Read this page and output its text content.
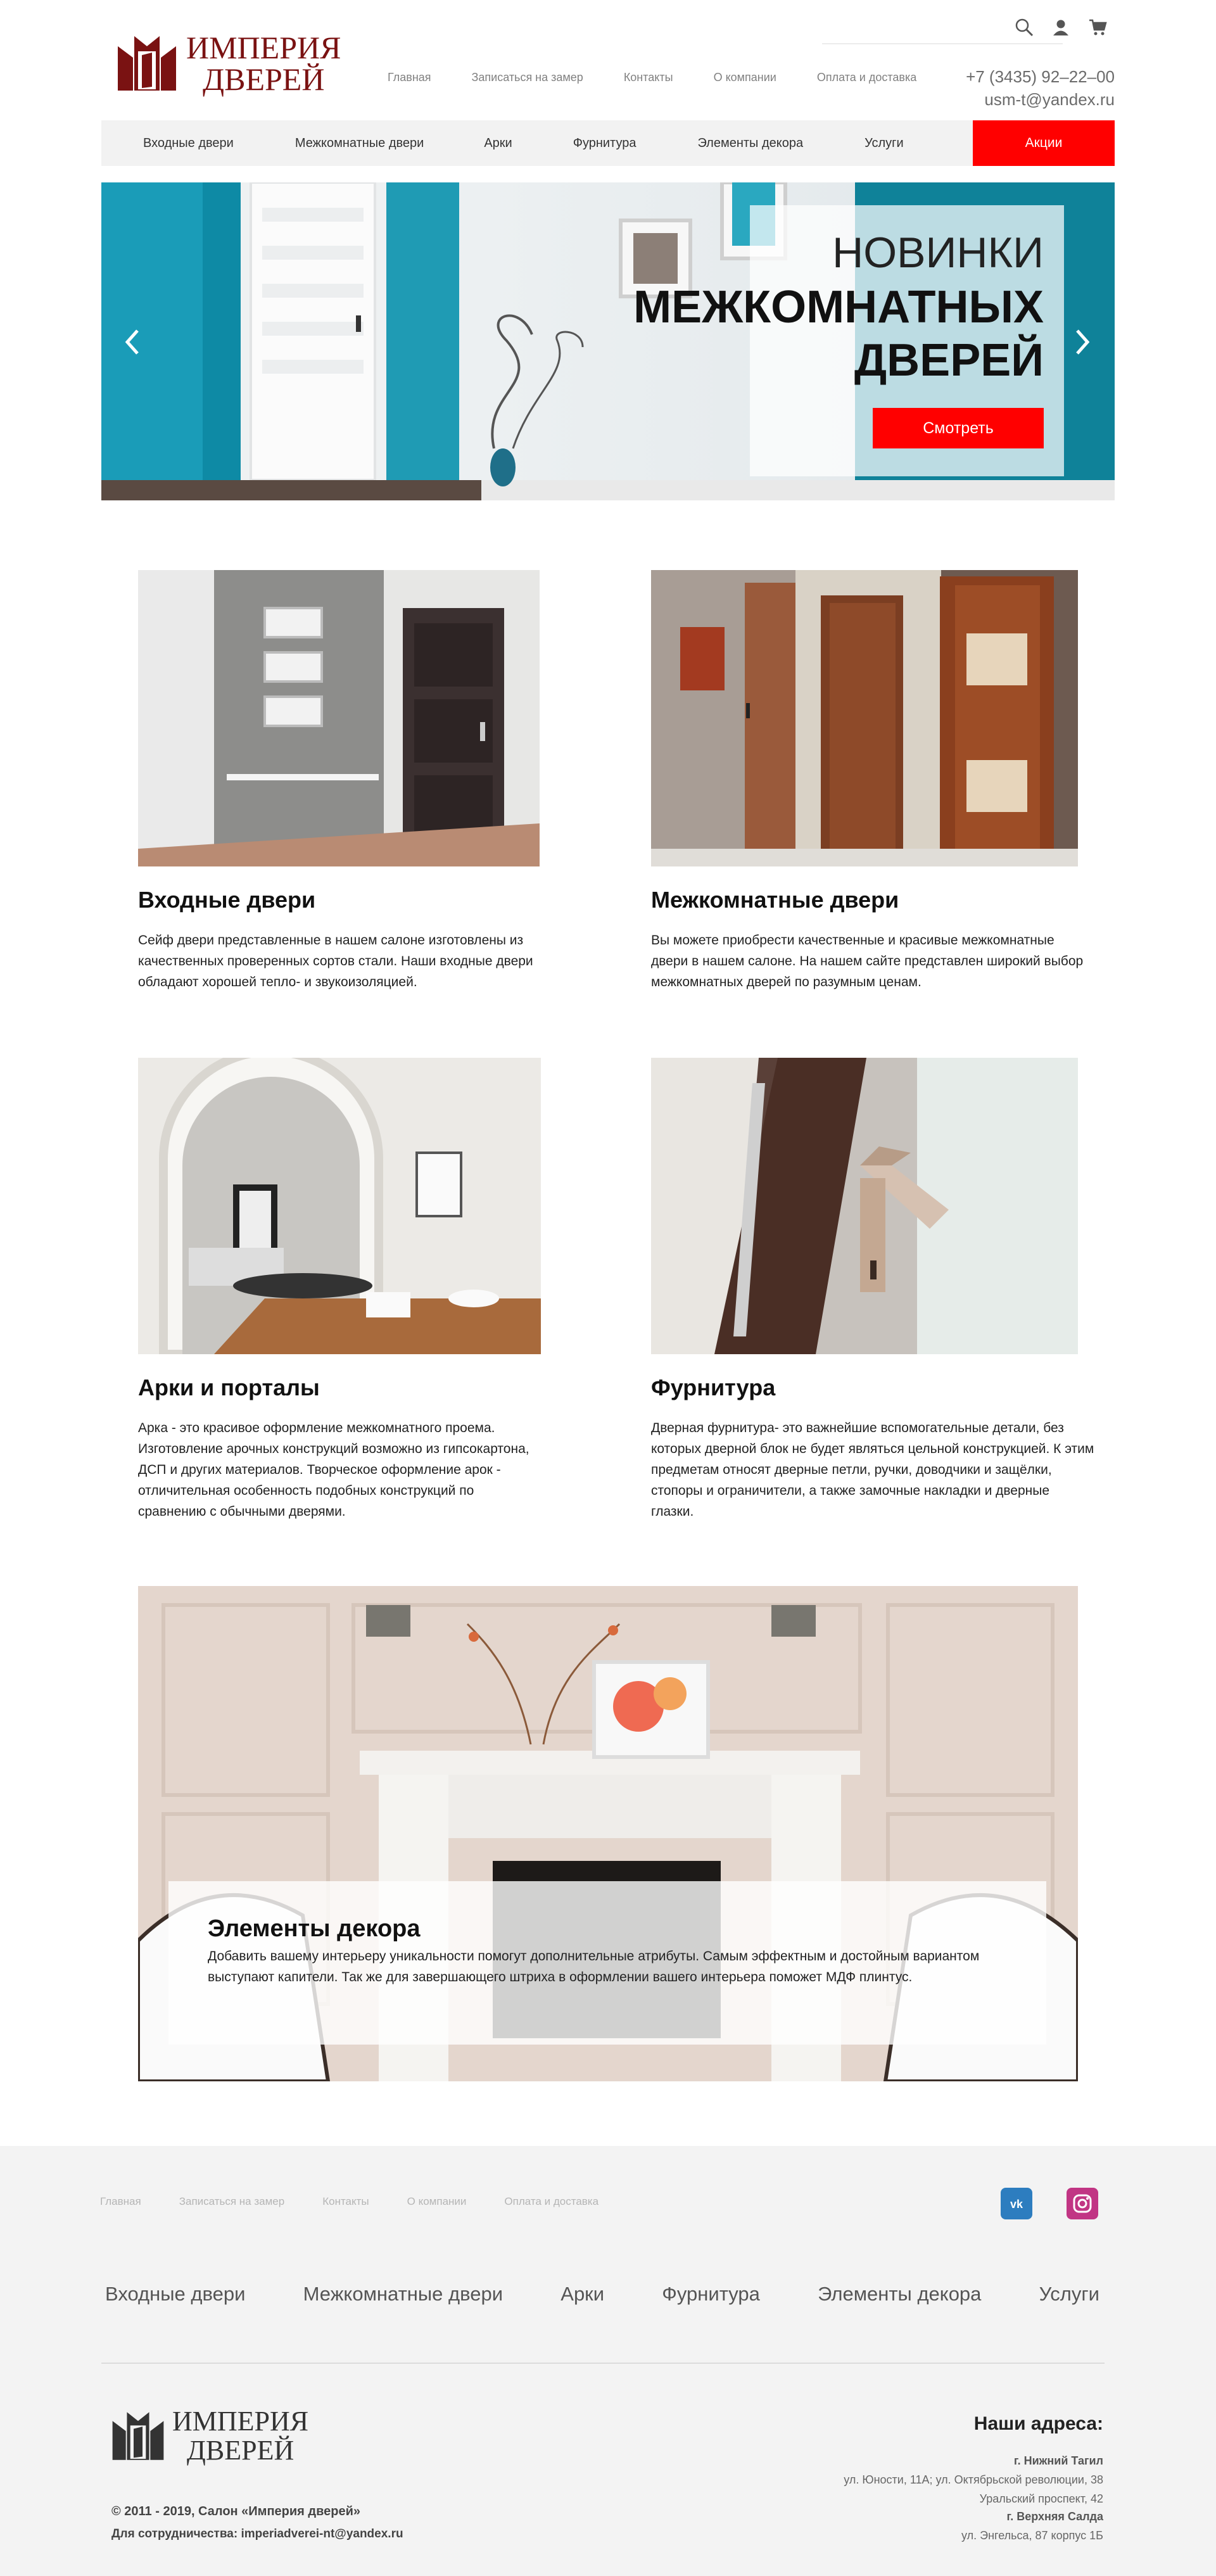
ИМПЕРИЯ
ДВЕРЕЙ	Главная	Записаться на замер	Контакты	О компании	Оплата и доставка	+7 (3435) 92–22–00
usm-t@yandex.ru
Входные двери	Межкомнатные двери	Арки	Фурнитура	Элементы декора	Услуги	Акции
НОВИНКИ
МЕЖКОМНАТНЫХ
ДВЕРЕЙ
Смотреть
Входные двери
Сейф двери представленные в нашем салоне изготовлены из качественных проверенных сортов стали. Наши входные двери обладают хорошей тепло- и звукоизоляцией.
Межкомнатные двери
Вы можете приобрести качественные и красивые межкомнатные двери в нашем салоне. На нашем сайте представлен широкий выбор межкомнатных дверей по разумным ценам.
Арки и порталы
Арка - это красивое оформление межкомнатного проема. Изготовление арочных конструкций возможно из гипсокартона, ДСП и других материалов. Творческое оформление арок - отличительная особенность подобных конструкций по сравнению с обычными дверями.
Фурнитура
Дверная фурнитура- это важнейшие вспомогательные детали, без которых дверной блок не будет являться цельной конструкцией. К этим предметам относят дверные петли, ручки, доводчики и защёлки, стопоры и ограничители, а также замочные накладки и дверные глазки.
Элементы декора
Добавить вашему интерьеру уникальности помогут дополнительные атрибуты. Самым эффектным и достойным вариантом выступают капители. Так же для завершающего штриха в оформлении вашего интерьера поможет МДФ плинтус.
Главная	Записаться на замер	Контакты	О компании	Оплата и доставка	vk
Входные двери	Межкомнатные двери	Арки	Фурнитура	Элементы декора	Услуги
ИМПЕРИЯ
ДВЕРЕЙ
© 2011 - 2019, Салон «Империя дверей»
Для сотрудничества: imperiadverei-nt@yandex.ru
Наши адреса:
г. Нижний Тагил
ул. Юности, 11А; ул. Октябрьской революции, 38
Уральский проспект, 42
г. Верхняя Салда
ул. Энгельса, 87 корпус 1Б
